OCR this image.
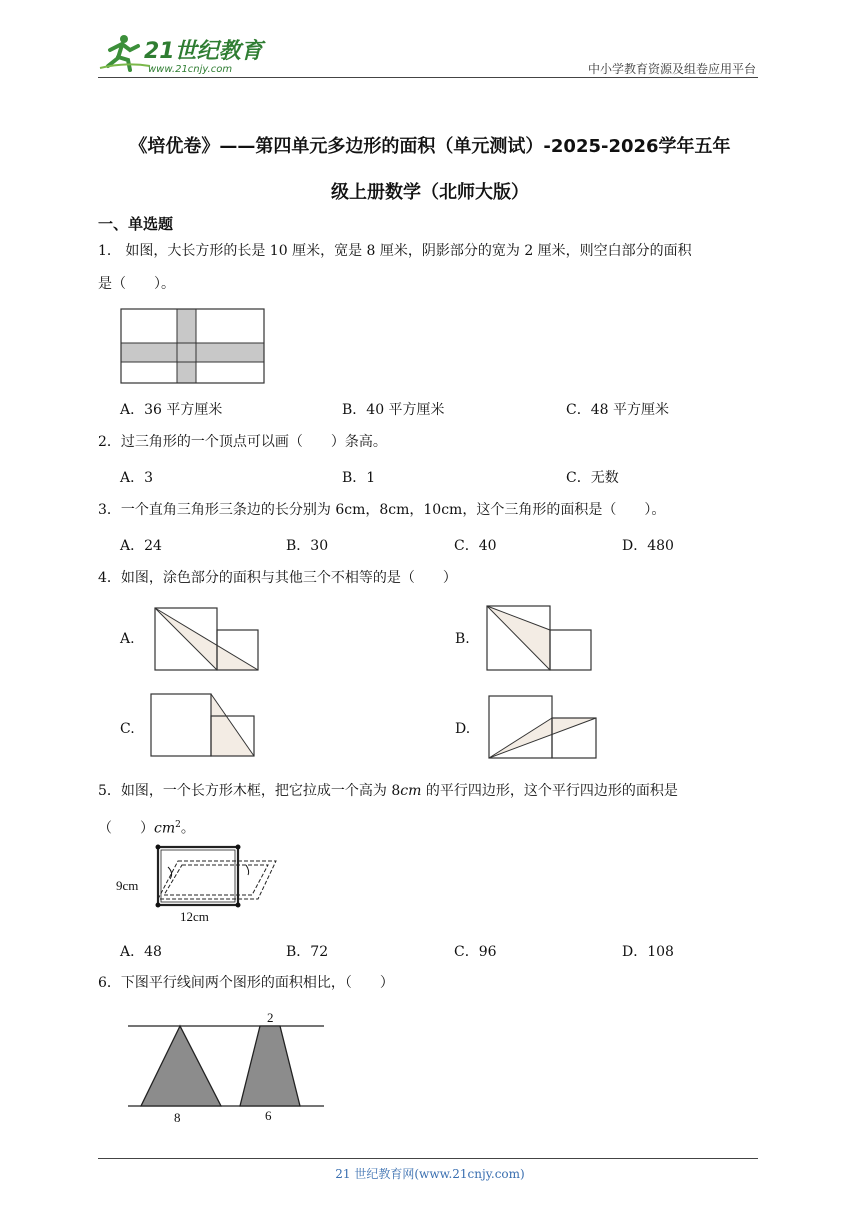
21世纪教育
www.21cnjy.com	中小学教育资源及组卷应用平台
《培优卷》——第四单元多边形的面积（单元测试）-2025-2026学年五年
级上册数学（北师大版）
一、单选题
1． 如图，大长方形的长是 10 厘米，宽是 8 厘米，阴影部分的宽为 2 厘米，则空白部分的面积
是（　　）。
A．36 平方厘米	B．40 平方厘米	C．48 平方厘米
2．过三角形的一个顶点可以画（　　）条高。
A．3	B．1	C．无数
3．一个直角三角形三条边的长分别为 6cm，8cm，10cm，这个三角形的面积是（　　）。
A．24	B．30	C．40	D．480
4．如图，涂色部分的面积与其他三个不相等的是（　　）
A.	B.
C.	D.
5．如图，一个长方形木框，把它拉成一个高为 8cm 的平行四边形，这个平行四边形的面积是
（　　）$cm^2$。
9cm
12cm
A．48	B．72	C．96	D．108
6．下图平行线间两个图形的面积相比，（　　）
2
8	6
21 世纪教育网(www.21cnjy.com)
